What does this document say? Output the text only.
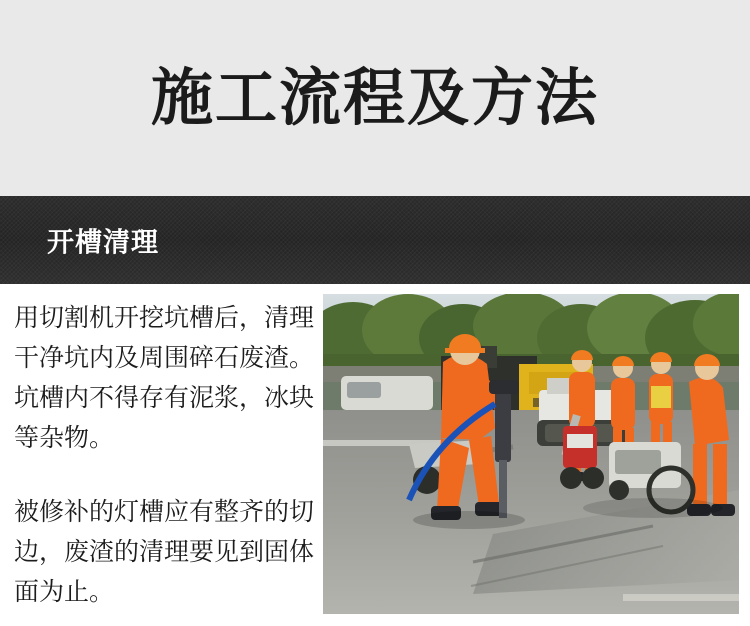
施工流程及方法
开槽清理

用切割机开挖坑槽后，清理干净坑内及周围碎石废渣。坑槽内不得存有泥浆，冰块等杂物。

被修补的灯槽应有整齐的切边，废渣的清理要见到固体面为止。
